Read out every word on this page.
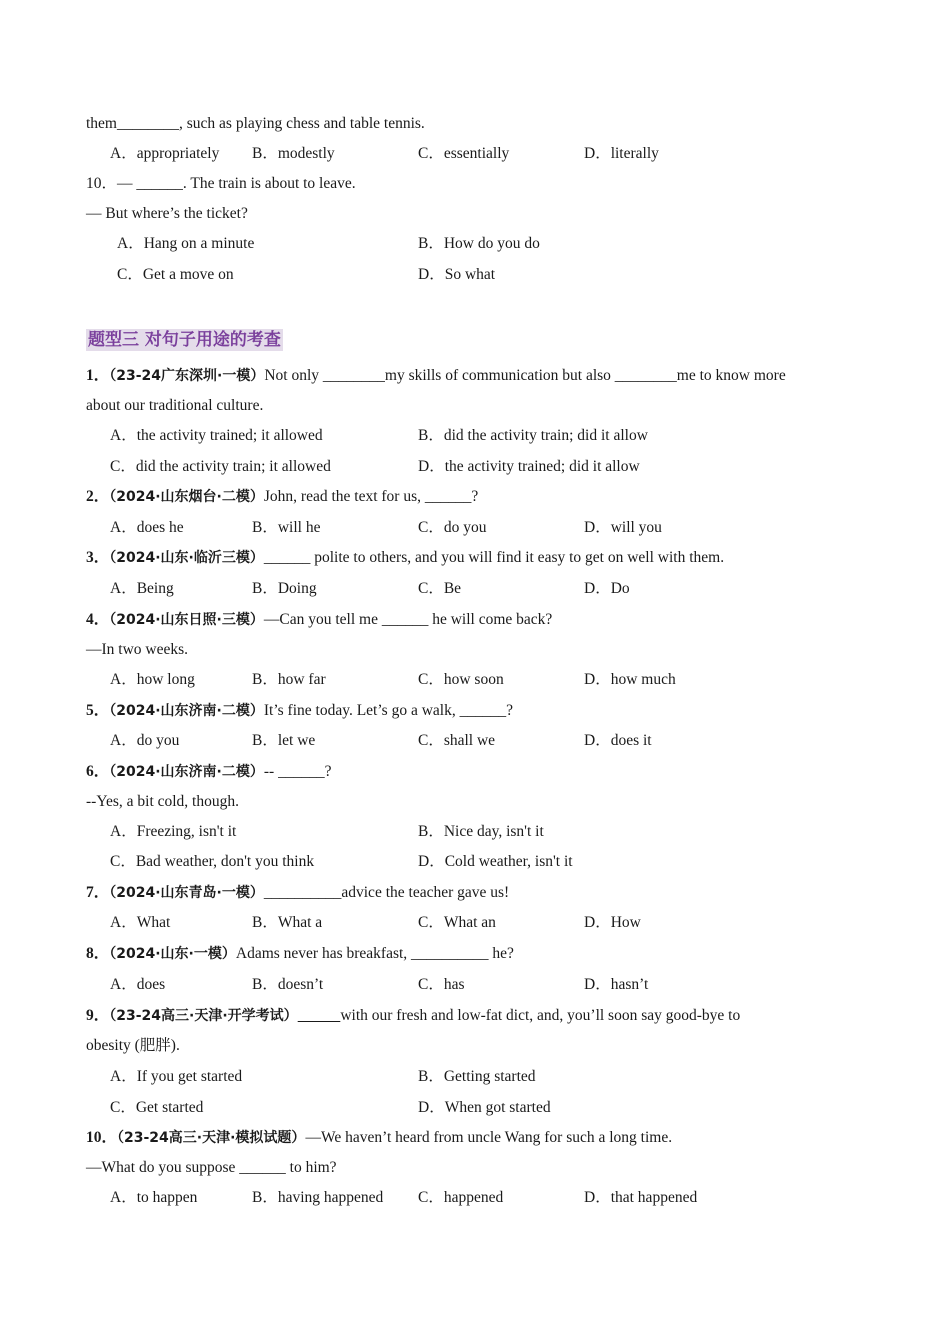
them________, such as playing chess and table tennis.
A．appropriately B．modestly	C．essentially	D．literally
10．— ______. The train is about to leave.
— But where’s the ticket?
A．Hang on a minute	B．How do you do
C．Get a move on	D．So what
题型三 对句子用途的考查
1．（23-24广东深圳·一模）Not only ________my skills of communication but also ________me to know more
about our traditional culture.
A．the activity trained; it allowed	B．did the activity train; did it allow
C．did the activity train; it allowed	D．the activity trained; did it allow
2．（2024·山东烟台·二模）John, read the text for us, ______?
A．does he	B．will he	C．do you	D．will you
3．（2024·山东·临沂三模）______ polite to others, and you will find it easy to get on well with them.
A．Being	B．Doing	C．Be	D．Do
4．（2024·山东日照·三模）—Can you tell me ______ he will come back?
—In two weeks.
A．how long	B．how far	C．how soon	D．how much
5．（2024·山东济南·二模）It’s fine today. Let’s go a walk, ______?
A．do you	B．let we	C．shall we	D．does it
6．（2024·山东济南·二模）-- ______?
--Yes, a bit cold, though.
A．Freezing, isn't it	B．Nice day, isn't it
C．Bad weather, don't you think	D．Cold weather, isn't it
7．（2024·山东青岛·一模）__________advice the teacher gave us!
A．What	B．What a	C．What an	D．How
8．（2024·山东·一模）Adams never has breakfast, __________ he?
A．does	B．doesn’t	C．has	D．hasn’t
9．（23-24高三·天津·开学考试）	with our fresh and low-fat dict, and, you’ll soon say good-bye to
obesity (肥胖).
A．If you get started	B．Getting started
C．Get started	D．When got started
10．（23-24高三·天津·模拟试题）—We haven’t heard from uncle Wang for such a long time.
—What do you suppose ______ to him?
A．to happen	B．having happened C．happened	D．that happened
